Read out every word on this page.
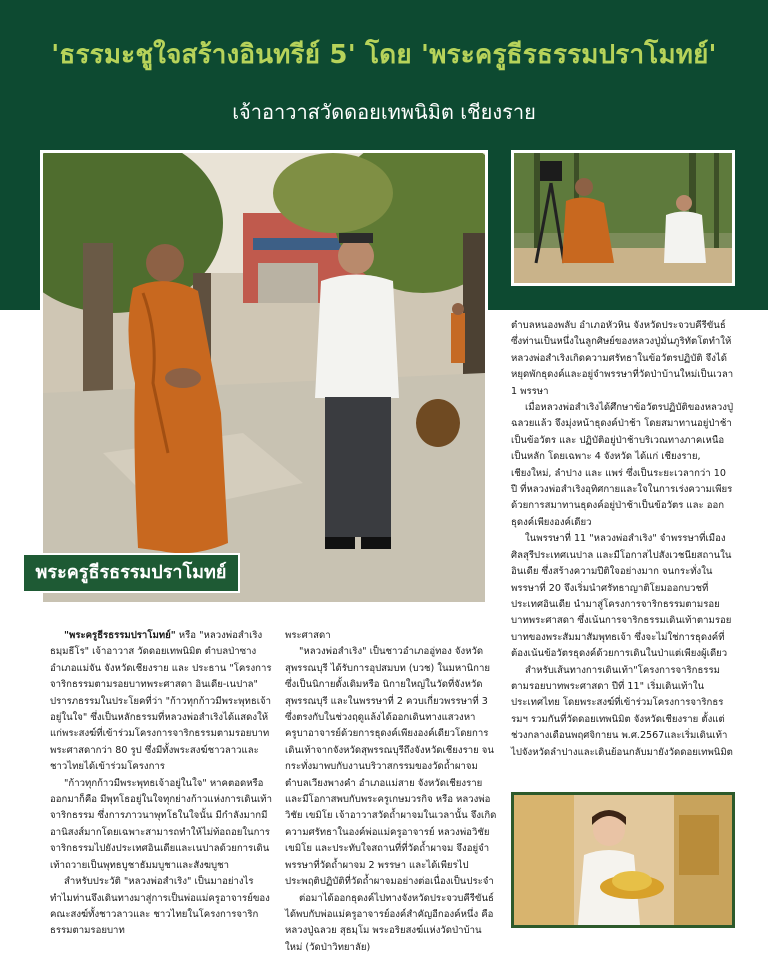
'ธรรมะชูใจสร้างอินทรีย์ 5' โดย 'พระครูธีรธรรมปราโมทย์'
เจ้าอาวาสวัดดอยเทพนิมิต เชียงราย
พระครูธีรธรรมปราโมทย์

"พระครูธีรธรรมปราโมทย์" หรือ "หลวงพ่อสำเริง ธมฺมธีโร" เจ้าอาวาส วัดดอยเทพนิมิต ตำบลป่าซาง อำเภอแม่จัน จังหวัดเชียงราย และ ประธาน "โครงการจาริกธรรมตามรอยบาทพระศาสดา อินเดีย-เนปาล" ปรารภธรรมในประโยคที่ว่า "ก้าวทุกก้าวมีพระพุทธเจ้าอยู่ในใจ" ซึ่งเป็นหลักธรรมที่หลวงพ่อสำเริงได้แสดงให้แก่พระสงฆ์ที่เข้าร่วมโครงการจาริกธรรมตามรอยบาทพระศาสดากว่า 80 รูป ซึ่งมีทั้งพระสงฆ์ชาวลาวและชาวไทยได้เข้าร่วมโครงการ

"ก้าวทุกก้าวมีพระพุทธเจ้าอยู่ในใจ" หาคตอดหรือออกมาก็คือ มีพุทโธอยู่ในใจทุกย่างก้าวแห่งการเดินเท้าจาริกธรรม ซึ่งการภาวนาพุทโธในใจนั้น มีกำลังมากมีอานิสงส์มากโดยเฉพาะสามารถทำให้ไม่ท้อถอยในการจาริกธรรมไปยังประเทศอินเดียและเนปาลด้วยการเดินเท้าถวายเป็นพุทธบูชาธัมมบูชาและสังฆบูชา

สำหรับประวัติ "หลวงพ่อสำเริง" เป็นมาอย่างไร ทำไมท่านจึงเดินทางมาสู่การเป็นพ่อแม่ครูอาจารย์ของคณะสงฆ์ทั้งชาวลาวและ ชาวไทยในโครงการจาริกธรรมตามรอยบาท

พระศาสดา

"หลวงพ่อสำเริง" เป็นชาวอำเภออู่ทอง จังหวัดสุพรรณบุรี ได้รับการอุปสมบท (บวช) ในมหานิกาย ซึ่งเป็นนิกายดั้งเดิมหรือ นิกายใหญ่ในวัดที่จังหวัดสุพรรณบุรี และในพรรษาที่ 2 ควบเกี่ยวพรรษาที่ 3 ซึ่งตรงกับในช่วงฤดูแล้งได้ออกเดินทางแสวงหาครูบาอาจารย์ด้วยการธุดงค์เพียงองค์เดียวโดยการเดินเท้าจากจังหวัดสุพรรณบุรีถึงจังหวัดเชียงราย จนกระทั่งมาพบกับงานบริวาสกรรมของวัดถ้ำผาจม ตำบลเวียงพางคำ อำเภอแม่สาย จังหวัดเชียงราย และมีโอกาสพบกับพระครูเกษมวรกิจ หรือ หลวงพ่อวิชัย เขมิโย เจ้าอาวาสวัดถ้ำผาจมในเวลานั้น จึงเกิดความศรัทธาในองค์พ่อแม่ครูอาจารย์ หลวงพ่อวิชัย เขมิโย และประทับใจสถานที่ที่วัดถ้ำผาจม จึงอยู่จำพรรษาที่วัดถ้ำผาจม 2 พรรษา และได้เพียรไปประพฤติปฏิบัติที่วัดถ้ำผาจมอย่างต่อเนื่องเป็นประจำ

ต่อมาได้ออกธุดงค์ไปทางจังหวัดประจวบคีรีขันธ์ ได้พบกับพ่อแม่ครูอาจารย์องค์สำคัญอีกองค์หนึ่ง คือ หลวงปู่ฉลวย สุธมฺโม พระอริยสงฆ์แห่งวัดป่าบ้านใหม่ (วัดป่าวิทยาลัย)

ตำบลหนองพลับ อำเภอหัวหิน จังหวัดประจวบคีรีขันธ์ ซึ่งท่านเป็นหนึ่งในลูกศิษย์ของหลวงปู่มั่นภูริทัตโตทำให้หลวงพ่อสำเริงเกิดความศรัทธาในข้อวัตรปฏิบัติ จึงได้หยุดพักธุดงค์และอยู่จำพรรษาที่วัดป่าบ้านใหม่เป็นเวลา 1 พรรษา

เมื่อหลวงพ่อสำเริงได้ศึกษาข้อวัตรปฏิบัติของหลวงปู่ฉลวยแล้ว จึงมุ่งหน้าธุดงค์ป่าช้า โดยสมาทานอยู่ป่าช้าเป็นข้อวัตร และ ปฏิบัติอยู่ป่าช้าบริเวณทางภาคเหนือเป็นหลัก โดยเฉพาะ 4 จังหวัด ได้แก่ เชียงราย, เชียงใหม่, ลำปาง และ แพร่ ซึ่งเป็นระยะเวลากว่า 10 ปี ที่หลวงพ่อสำเริงอุทิศกายและใจในการเร่งความเพียรด้วยการสมาทานธุดงค์อยู่ป่าช้าเป็นข้อวัตร และ ออกธุดงค์เพียงองค์เดียว

ในพรรษาที่ 11 "หลวงพ่อสำเริง" จำพรรษาที่เมืองศิลสุรีประเทศเนปาล และมีโอกาสไปสังเวชนียสถานในอินเดีย ซึ่งสร้างความปีติใจอย่างมาก จนกระทั่งในพรรษาที่ 20 จึงเริ่มนำศรัทธาญาติโยมออกบวชที่ประเทศอินเดีย นำมาสู่โครงการจาริกธรรมตามรอยบาทพระศาสดา ซึ่งเน้นการจาริกธรรมเดินเท้าตามรอยบาทของพระสัมมาสัมพุทธเจ้า ซึ่งจะไม่ใช่การธุดงค์ที่ต้องเน้นข้อวัตรธุดงค์ด้วยการเดินในป่าแต่เพียงผู้เดียว

สำหรับเส้นทางการเดินเท้า"โครงการจาริกธรรมตามรอยบาทพระศาสดา ปีที่ 11" เริ่มเดินเท้าในประเทศไทย โดยพระสงฆ์ที่เข้าร่วมโครงการจาริกธรรมฯ รวมกันที่วัดดอยเทพนิมิต จังหวัดเชียงราย ตั้งแต่ช่วงกลางเดือนพฤศจิกายน พ.ศ.2567และเริ่มเดินเท้าไปจังหวัดลำปางและเดินย้อนกลับมายังวัดดอยเทพนิมิต
